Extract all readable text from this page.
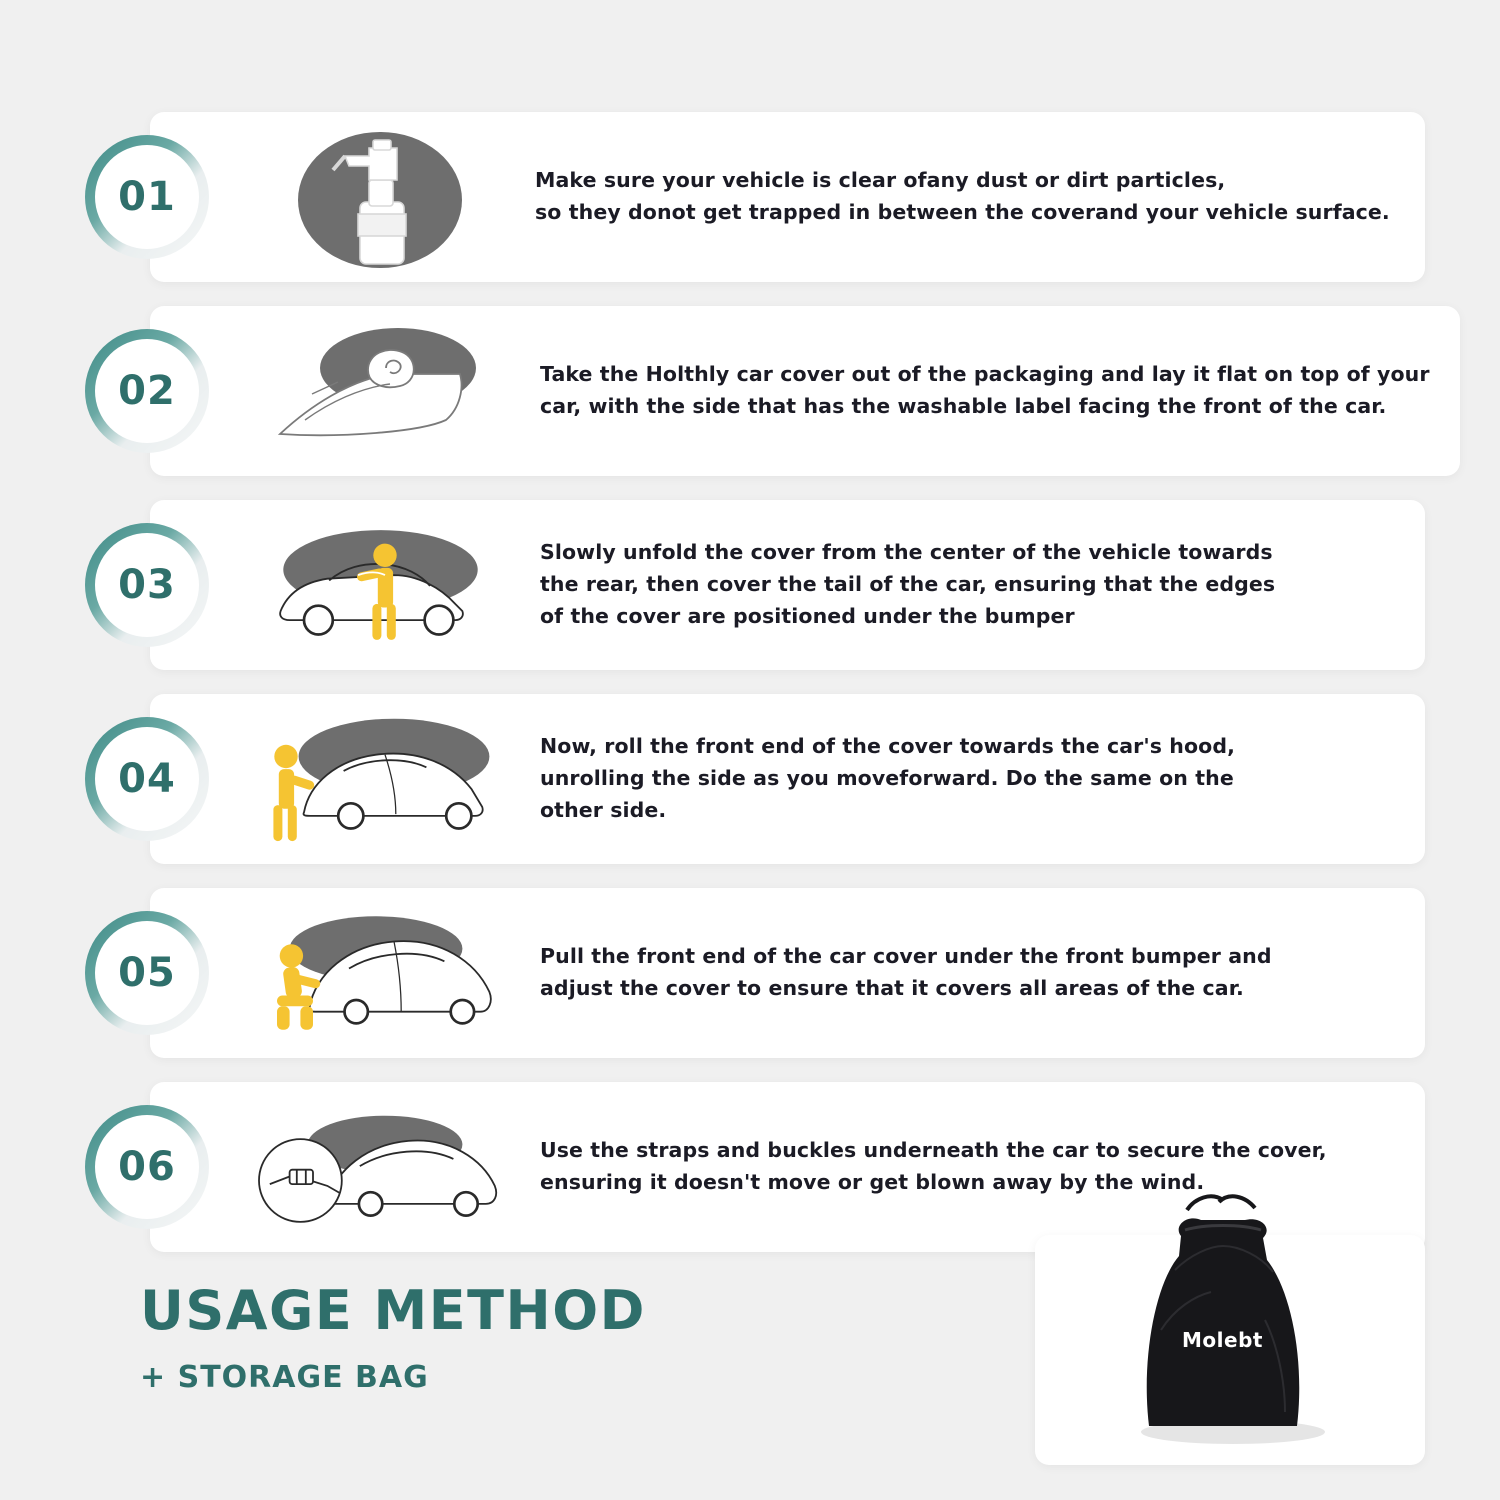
01	Make sure your vehicle is clear ofany dust or dirt particles,
so they donot get trapped in between the coverand your vehicle surface.
02	Take the Holthly car cover out of the packaging and lay it flat on top of your
car, with the side that has the washable label facing the front of the car.
03
Slowly unfold the cover from the center of the vehicle towards
the rear, then cover the tail of the car, ensuring that the edges
of the cover are positioned under the bumper
04
Now, roll the front end of the cover towards the car's hood,
unrolling the side as you moveforward. Do the same on the
other side.
05	Pull the front end of the car cover under the front bumper and
adjust the cover to ensure that it covers all areas of the car.
06	Use the straps and buckles underneath the car to secure the cover,
ensuring it doesn't move or get blown away by the wind.
USAGE METHOD
+ STORAGE BAG
Molebt
